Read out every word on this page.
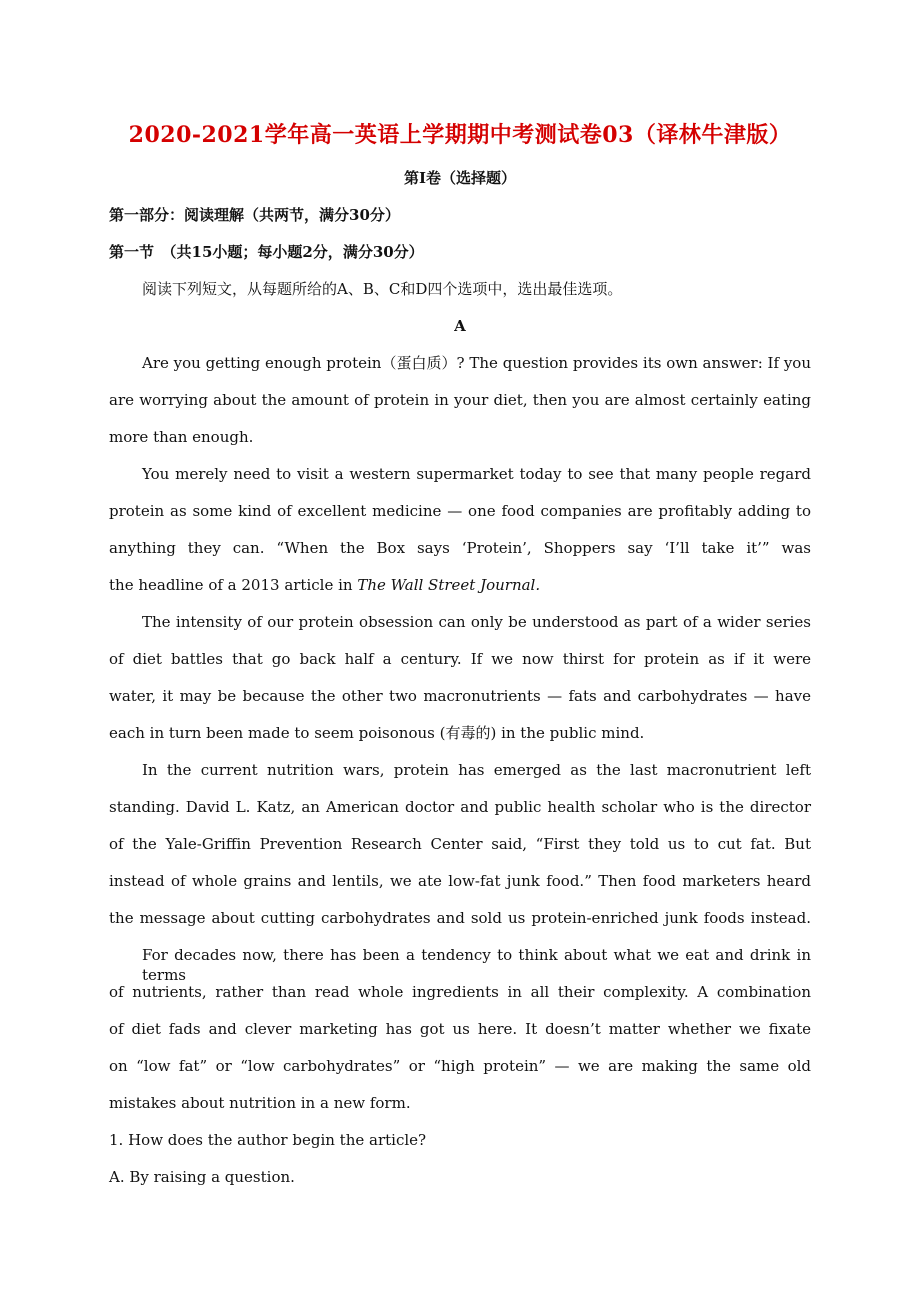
2020-2021学年高一英语上学期期中考测试卷03（译林牛津版）
第I卷（选择题）
第一部分：阅读理解（共两节，满分30分）
第一节　（共15小题；每小题2分，满分30分）
阅读下列短文，从每题所给的A、B、C和D四个选项中，选出最佳选项。
A
Are you getting enough protein（蛋白质）? The question provides its own answer: If you
are worrying about the amount of protein in your diet, then you are almost certainly eating
more than enough.
You merely need to visit a western supermarket today to see that many people regard
protein as some kind of excellent medicine — one food companies are profitably adding to
anything they can. “When the Box says ‘Protein’, Shoppers say ‘I’ll take it’” was
the headline of a 2013 article in The Wall Street Journal.
The intensity of our protein obsession can only be understood as part of a wider series
of diet battles that go back half a century. If we now thirst for protein as if it were
water, it may be because the other two macronutrients — fats and carbohydrates — have
each in turn been made to seem poisonous (有毒的) in the public mind.
In the current nutrition wars, protein has emerged as the last macronutrient left
standing. David L. Katz, an American doctor and public health scholar who is the director
of the Yale-Griffin Prevention Research Center said, “First they told us to cut fat. But
instead of whole grains and lentils, we ate low-fat junk food.” Then food marketers heard
the message about cutting carbohydrates and sold us protein-enriched junk foods instead.
For decades now, there has been a tendency to think about what we eat and drink in terms
of nutrients, rather than read whole ingredients in all their complexity. A combination
of diet fads and clever marketing has got us here. It doesn’t matter whether we fixate
on “low fat” or “low carbohydrates” or “high protein” — we are making the same old
mistakes about nutrition in a new form.
1. How does the author begin the article?
A. By raising a question.
